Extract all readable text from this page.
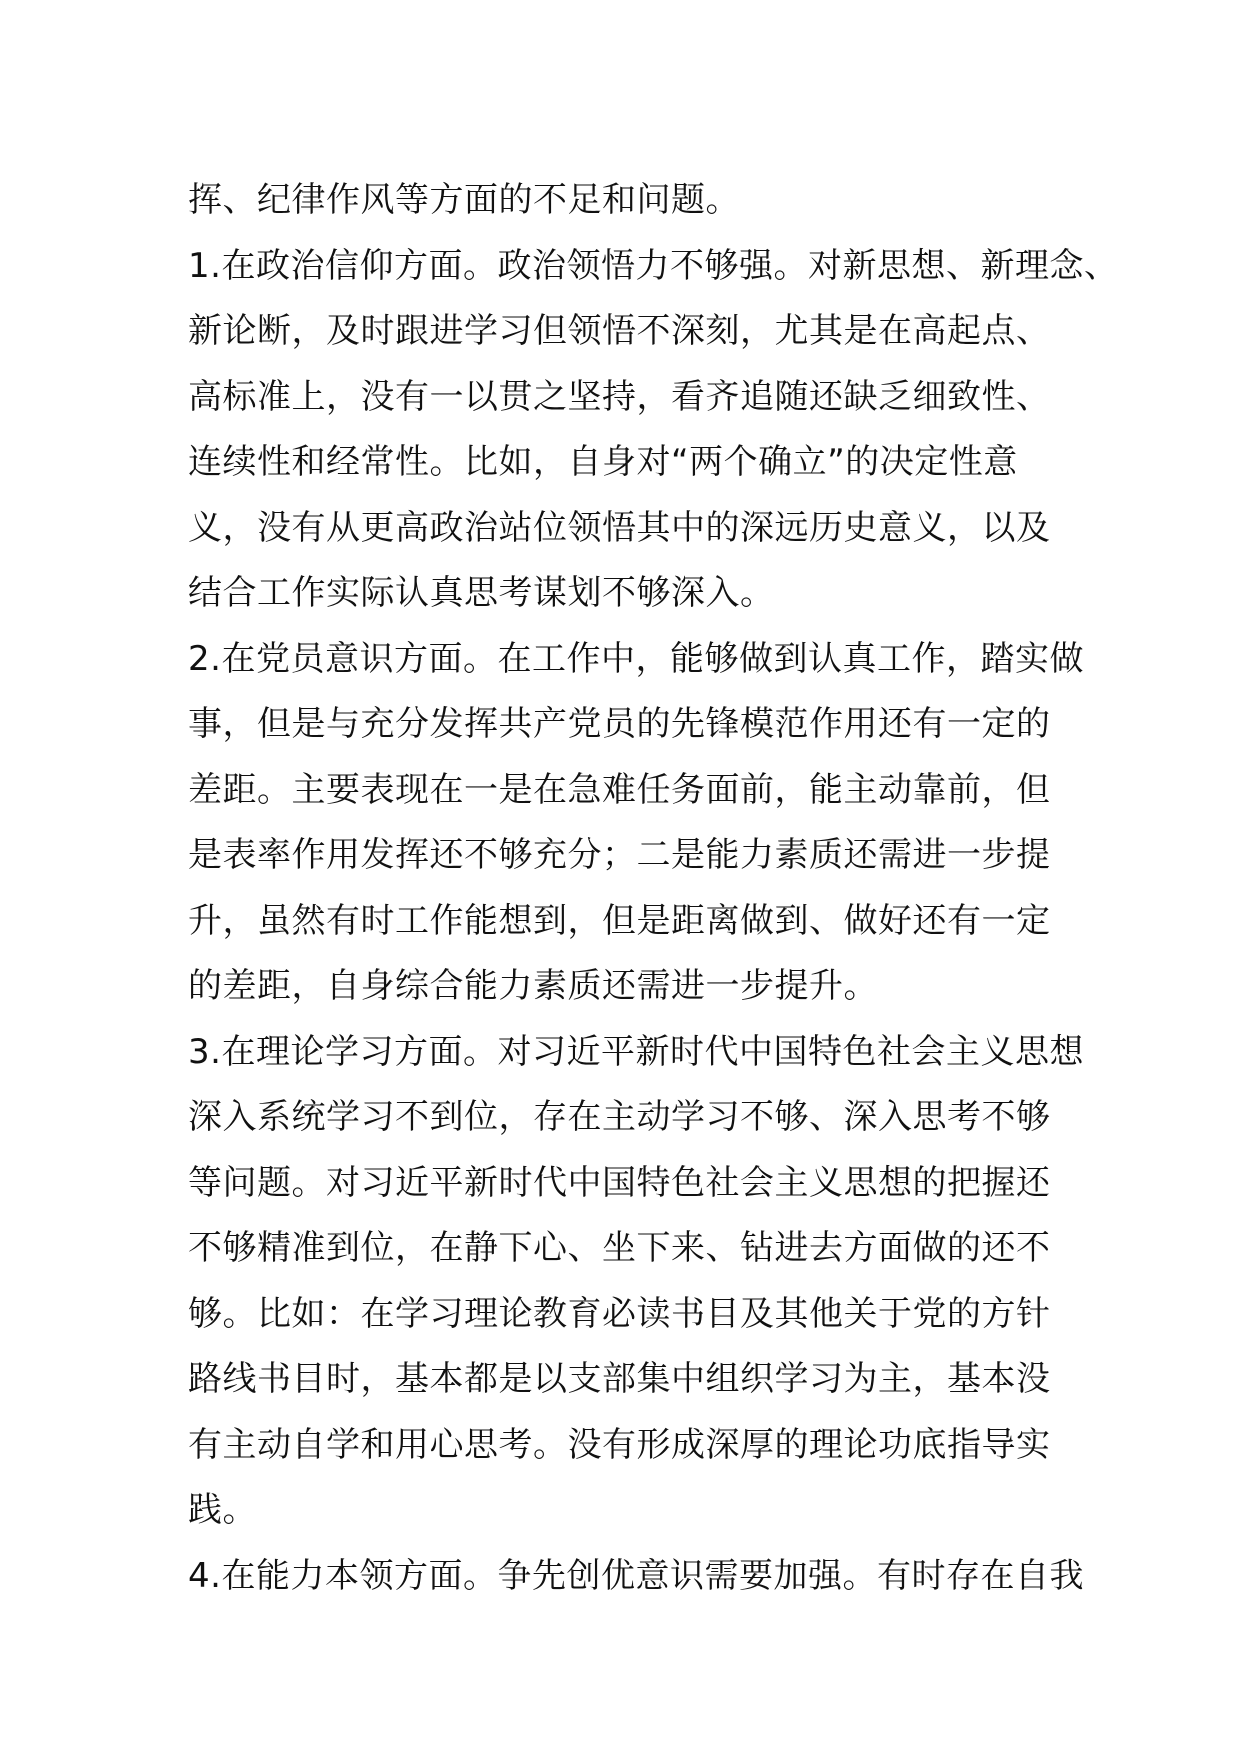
挥、纪律作风等方面的不足和问题。
1.在政治信仰方面。政治领悟力不够强。对新思想、新理念、
新论断，及时跟进学习但领悟不深刻，尤其是在高起点、
高标准上，没有一以贯之坚持，看齐追随还缺乏细致性、
连续性和经常性。比如，自身对“两个确立”的决定性意
义，没有从更高政治站位领悟其中的深远历史意义，以及
结合工作实际认真思考谋划不够深入。
2.在党员意识方面。在工作中，能够做到认真工作，踏实做
事，但是与充分发挥共产党员的先锋模范作用还有一定的
差距。主要表现在一是在急难任务面前，能主动靠前，但
是表率作用发挥还不够充分；二是能力素质还需进一步提
升，虽然有时工作能想到，但是距离做到、做好还有一定
的差距，自身综合能力素质还需进一步提升。
3.在理论学习方面。对习近平新时代中国特色社会主义思想
深入系统学习不到位，存在主动学习不够、深入思考不够
等问题。对习近平新时代中国特色社会主义思想的把握还
不够精准到位，在静下心、坐下来、钻进去方面做的还不
够。比如：在学习理论教育必读书目及其他关于党的方针
路线书目时，基本都是以支部集中组织学习为主，基本没
有主动自学和用心思考。没有形成深厚的理论功底指导实
践。
4.在能力本领方面。争先创优意识需要加强。有时存在自我
